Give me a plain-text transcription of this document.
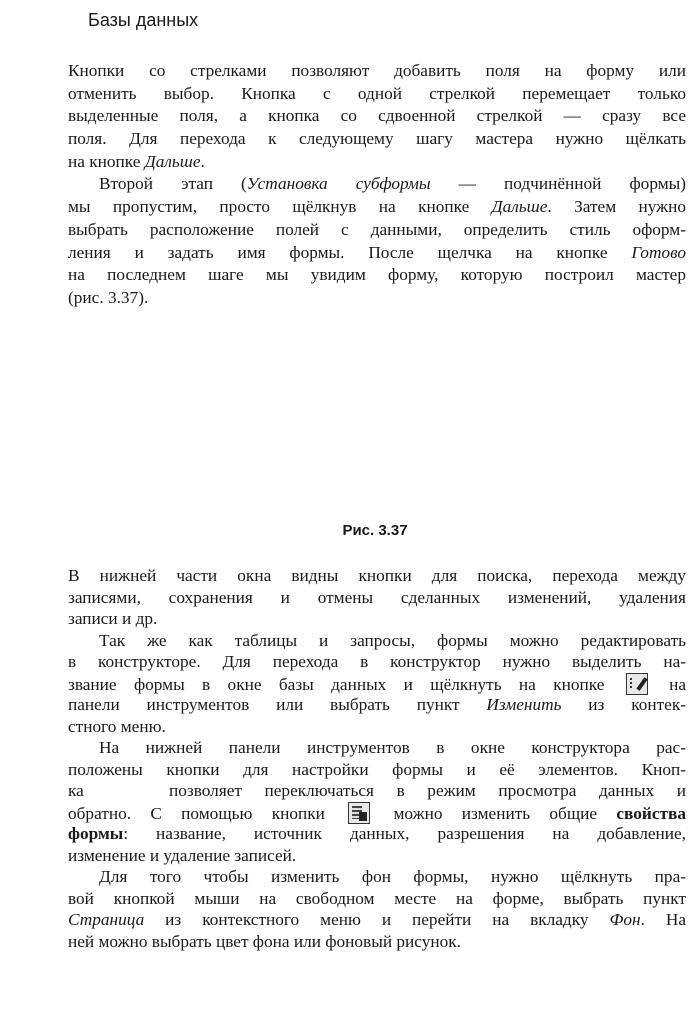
Базы данных
Кнопки со стрелками позволяют добавить поля на форму или
отменить выбор. Кнопка с одной стрелкой перемещает только
выделенные поля, а кнопка со сдвоенной стрелкой — сразу все
поля. Для перехода к следующему шагу мастера нужно щёлкать
на кнопке Дальше.
Второй этап (Установка субформы — подчинённой формы)
мы пропустим, просто щёлкнув на кнопке Дальше. Затем нужно
выбрать расположение полей с данными, определить стиль оформ-
ления и задать имя формы. После щелчка на кнопке Готово
на последнем шаге мы увидим форму, которую построил мастер
(рис. 3.37).
Рис. 3.37
В нижней части окна видны кнопки для поиска, перехода между
записями, сохранения и отмены сделанных изменений, удаления
записи и др.
Так же как таблицы и запросы, формы можно редактировать
в конструкторе. Для перехода в конструктор нужно выделить на-
звание формы в окне базы данных и щёлкнуть на кнопке  на
панели инструментов или выбрать пункт Изменить из контек-
стного меню.
На нижней панели инструментов в окне конструктора рас-
положены кнопки для настройки формы и её элементов. Кноп-
ка  позволяет переключаться в режим просмотра данных и
обратно. С помощью кнопки  можно изменить общие свойства
формы: название, источник данных, разрешения на добавление,
изменение и удаление записей.
Для того чтобы изменить фон формы, нужно щёлкнуть пра-
вой кнопкой мыши на свободном месте на форме, выбрать пункт
Страница из контекстного меню и перейти на вкладку Фон. На
ней можно выбрать цвет фона или фоновый рисунок.
